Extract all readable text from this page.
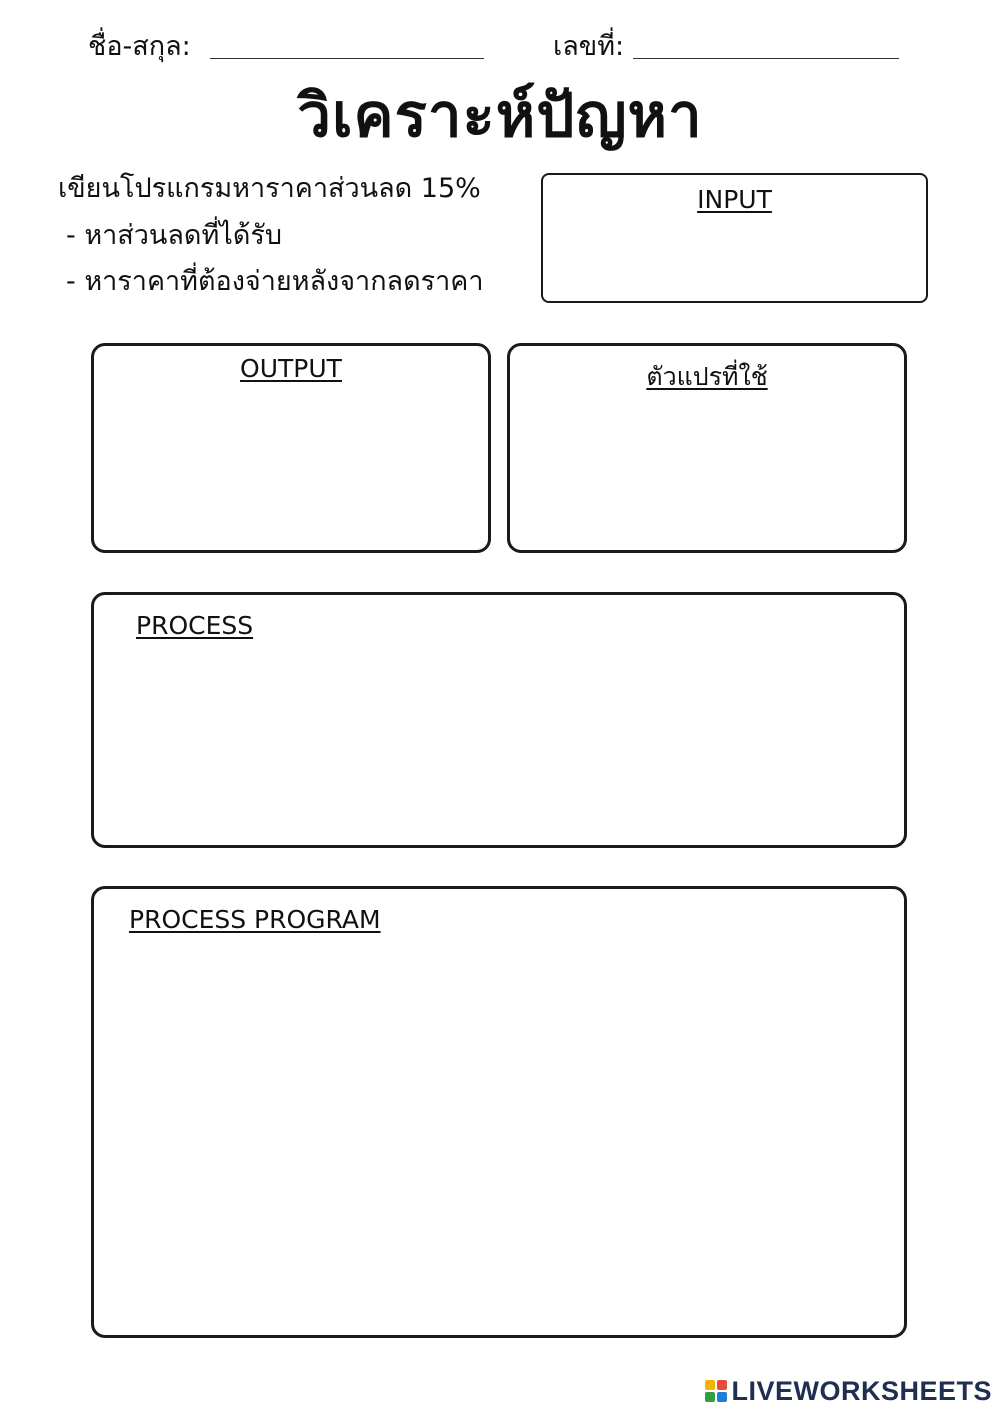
ชื่อ-สกุล:	เลขที่:
วิเคราะห์ปัญหา
เขียนโปรแกรมหาราคาส่วนลด 15%
- หาส่วนลดที่ได้รับ
- หาราคาที่ต้องจ่ายหลังจากลดราคา
INPUT
OUTPUT	ตัวแปรที่ใช้
PROCESS
PROCESS PROGRAM
LIVEWORKSHEETS
